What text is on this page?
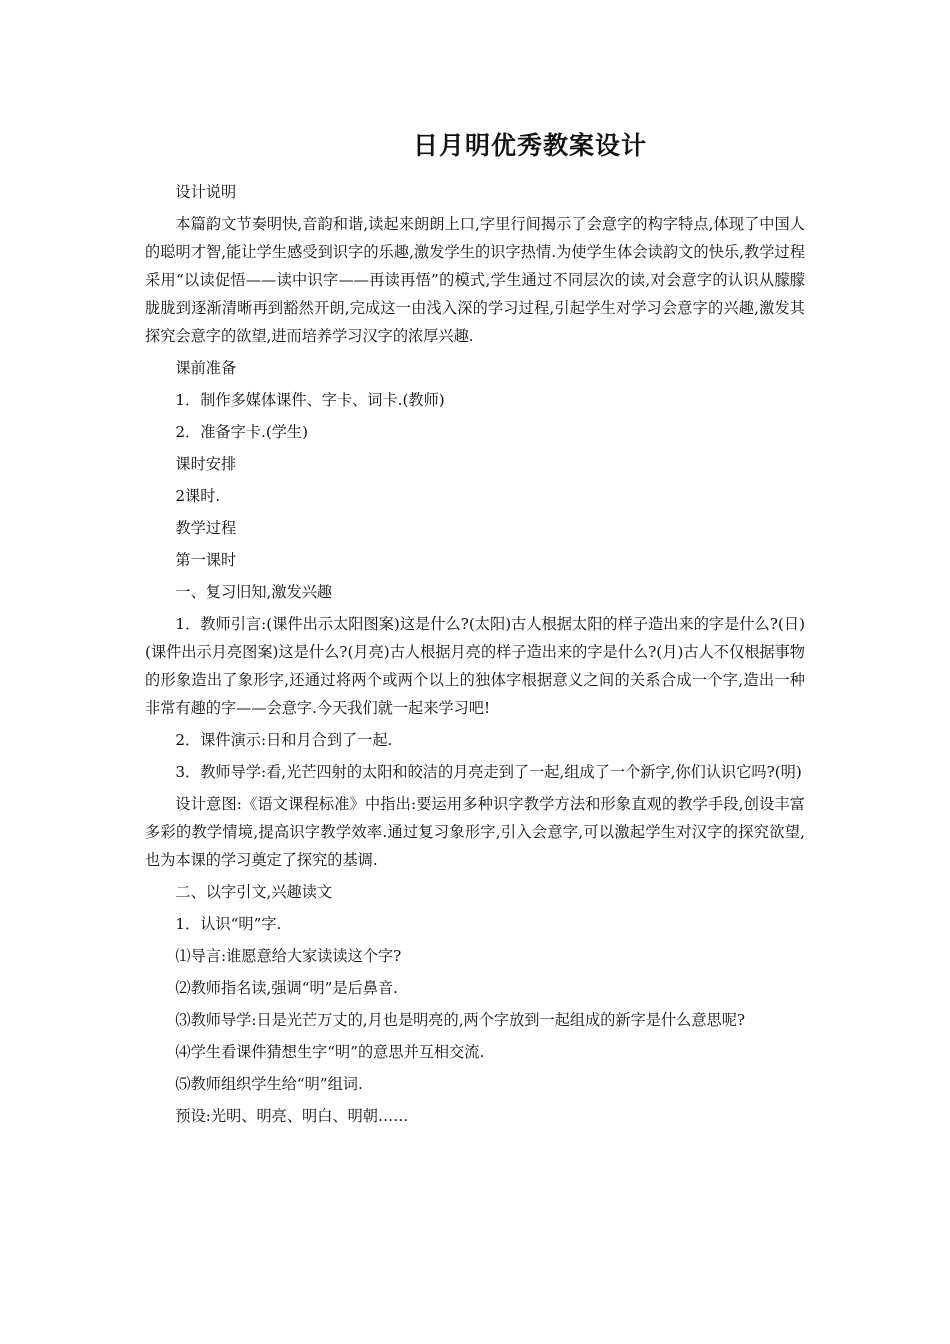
日月明优秀教案设计

设计说明

本篇韵文节奏明快,音韵和谐,读起来朗朗上口,字里行间揭示了会意字的构字特点,体现了中国人的聪明才智,能让学生感受到识字的乐趣,激发学生的识字热情.为使学生体会读韵文的快乐,教学过程采用“以读促悟——读中识字——再读再悟”的模式,学生通过不同层次的读,对会意字的认识从朦朦胧胧到逐渐清晰再到豁然开朗,完成这一由浅入深的学习过程,引起学生对学习会意字的兴趣,激发其探究会意字的欲望,进而培养学习汉字的浓厚兴趣.

课前准备

1．制作多媒体课件、字卡、词卡.(教师)

2．准备字卡.(学生)

课时安排

2课时.

教学过程

第一课时

一、复习旧知,激发兴趣

1．教师引言:(课件出示太阳图案)这是什么?(太阳)古人根据太阳的样子造出来的字是什么?(日)(课件出示月亮图案)这是什么?(月亮)古人根据月亮的样子造出来的字是什么?(月)古人不仅根据事物的形象造出了象形字,还通过将两个或两个以上的独体字根据意义之间的关系合成一个字,造出一种非常有趣的字——会意字.今天我们就一起来学习吧!

2．课件演示:日和月合到了一起.

3．教师导学:看,光芒四射的太阳和皎洁的月亮走到了一起,组成了一个新字,你们认识它吗?(明)

设计意图:《语文课程标准》中指出:要运用多种识字教学方法和形象直观的教学手段,创设丰富多彩的教学情境,提高识字教学效率.通过复习象形字,引入会意字,可以激起学生对汉字的探究欲望,也为本课的学习奠定了探究的基调.

二、以字引文,兴趣读文

1．认识“明”字.

⑴导言:谁愿意给大家读读这个字?

⑵教师指名读,强调“明”是后鼻音.

⑶教师导学:日是光芒万丈的,月也是明亮的,两个字放到一起组成的新字是什么意思呢?

⑷学生看课件猜想生字“明”的意思并互相交流.

⑸教师组织学生给“明”组词.

预设:光明、明亮、明白、明朝……
